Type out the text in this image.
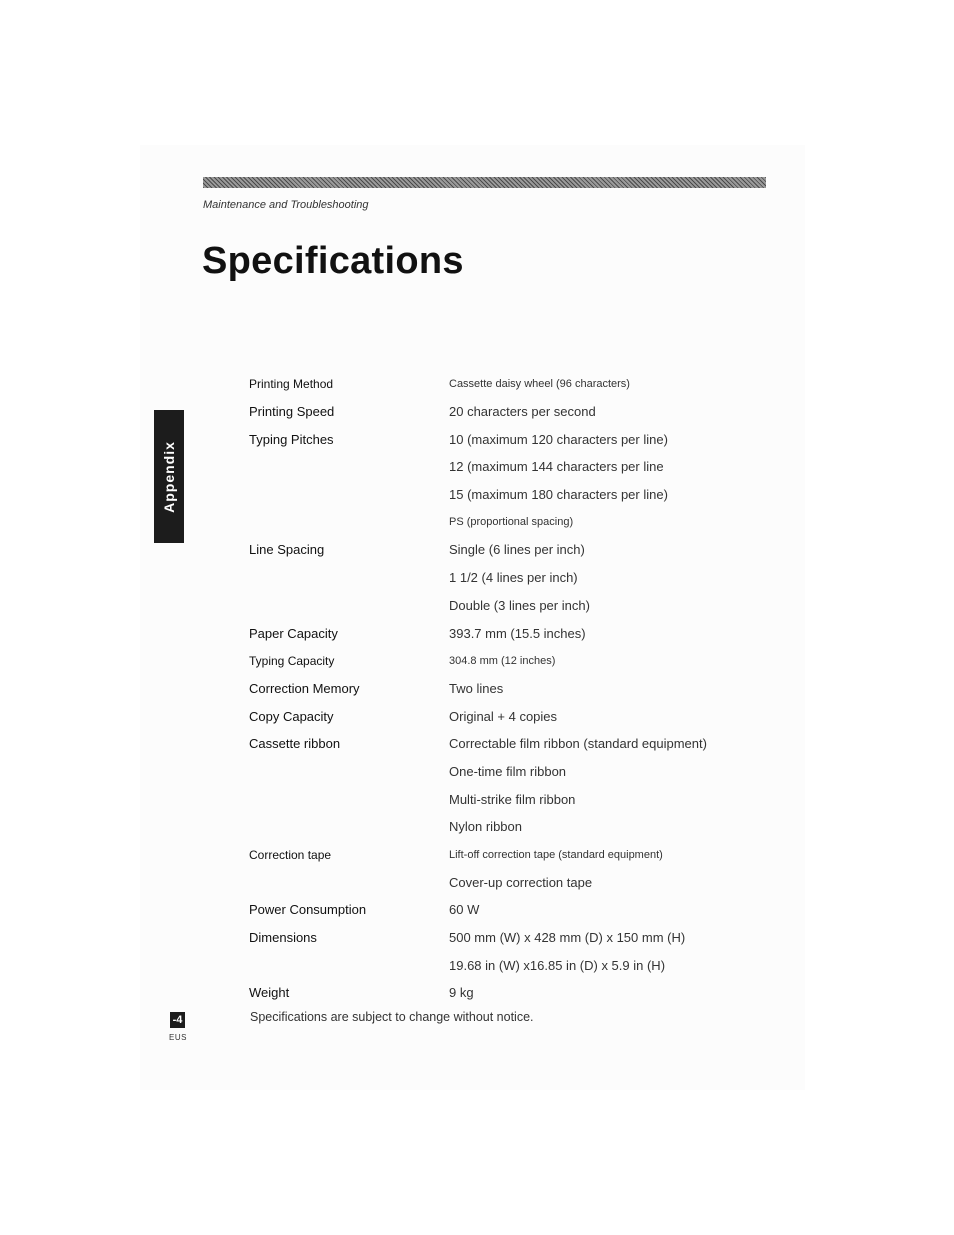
Maintenance and Troubleshooting
Specifications
Appendix
Printing Method	Cassette daisy wheel (96 characters)
Printing Speed	20 characters per second
Typing Pitches	10 (maximum 120 characters per line)
12 (maximum 144 characters per line
15 (maximum 180 characters per line)
PS (proportional spacing)
Line Spacing	Single (6 lines per inch)
1 1/2 (4 lines per inch)
Double (3 lines per inch)
Paper Capacity	393.7 mm (15.5 inches)
Typing Capacity	304.8 mm (12 inches)
Correction Memory	Two lines
Copy Capacity	Original + 4 copies
Cassette ribbon	Correctable film ribbon (standard equipment)
One-time film ribbon
Multi-strike film ribbon
Nylon ribbon
Correction tape	Lift-off correction tape (standard equipment)
Cover-up correction tape
Power Consumption	60 W
Dimensions	500 mm (W) x 428 mm (D) x 150 mm (H)
19.68 in (W) x16.85 in (D) x 5.9 in (H)
Weight	9 kg
Specifications are subject to change without notice.
-4
EUS
